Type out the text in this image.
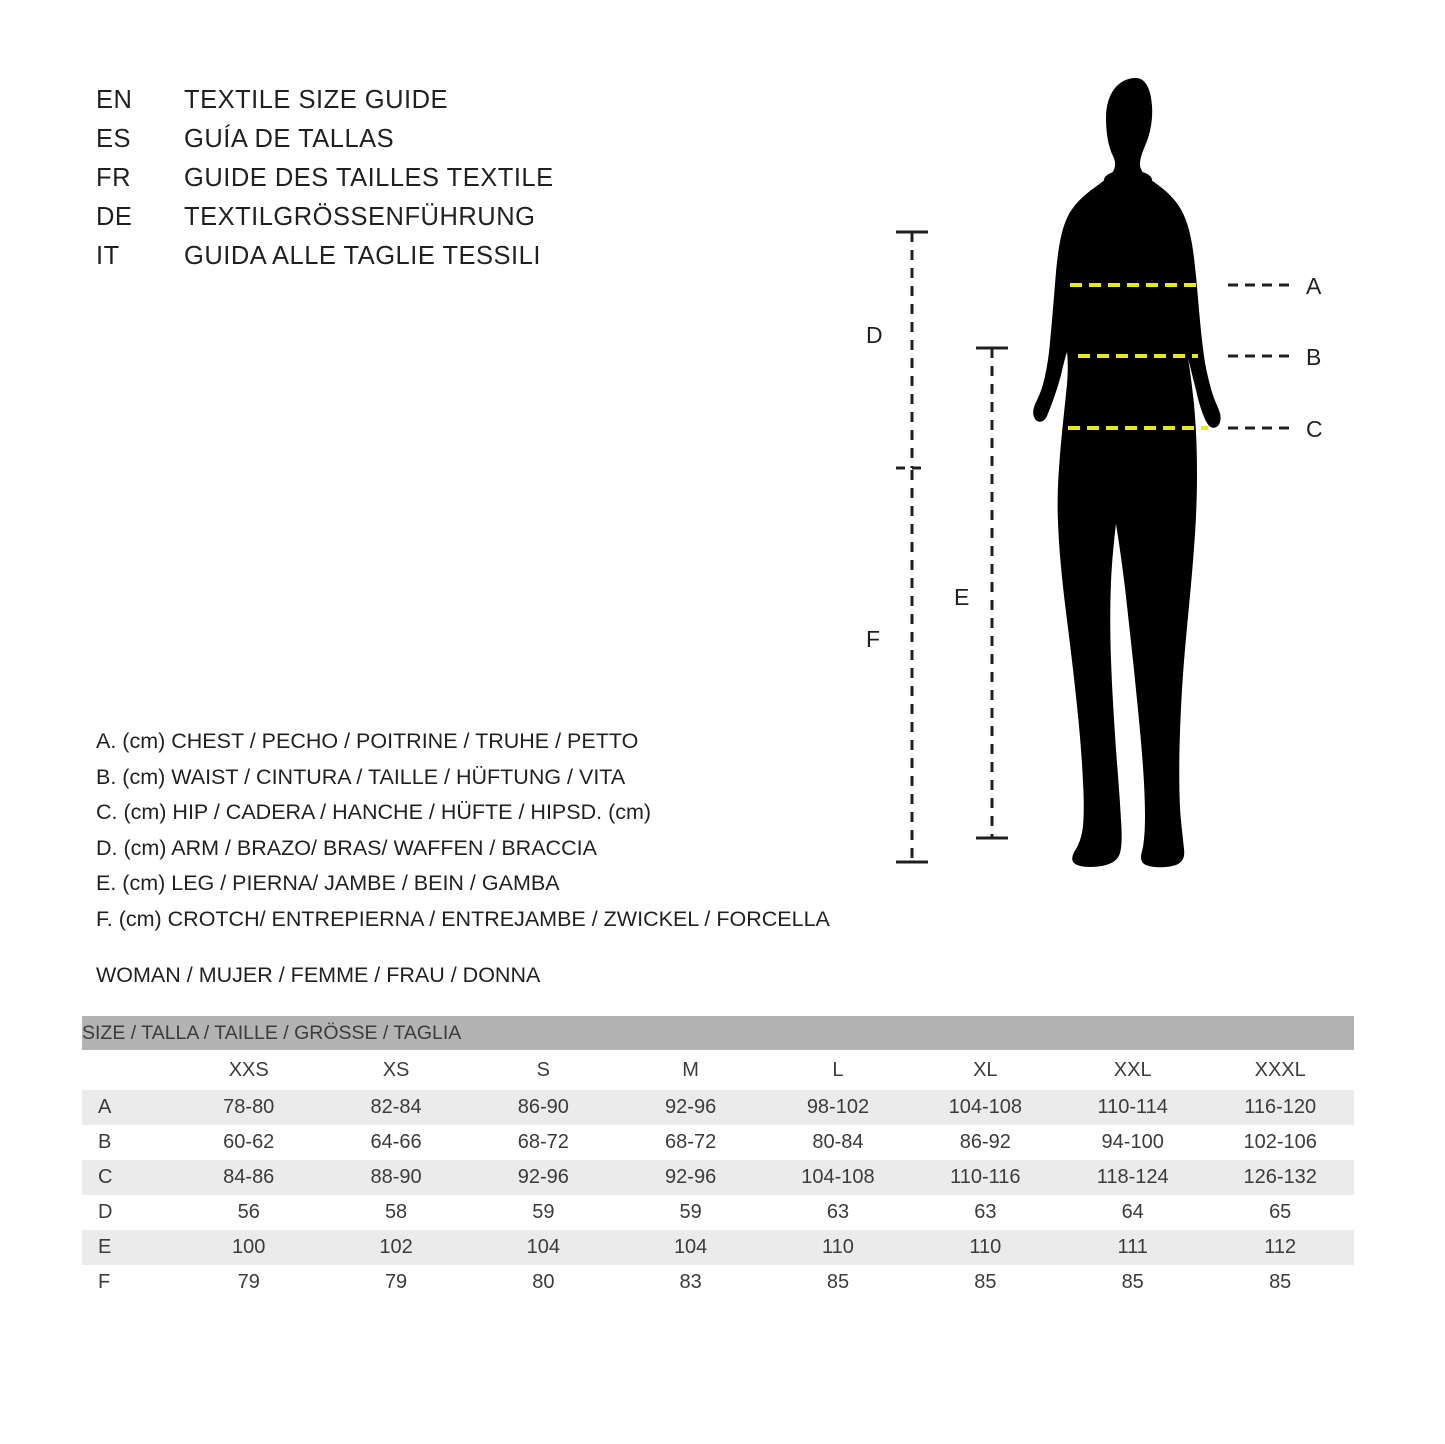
EN	TEXTILE SIZE GUIDE
ES	GUÍA DE TALLAS
FR	GUIDE DES TAILLES TEXTILE
DE	TEXTILGRÖSSENFÜHRUNG
IT	GUIDA ALLE TAGLIE TESSILI
A
B
C
D
E
F
A. (cm) CHEST / PECHO / POITRINE / TRUHE / PETTO
B. (cm) WAIST / CINTURA / TAILLE / HÜFTUNG / VITA
C. (cm) HIP / CADERA / HANCHE / HÜFTE / HIPSD. (cm)
D. (cm) ARM / BRAZO/ BRAS/ WAFFEN / BRACCIA
E. (cm) LEG / PIERNA/ JAMBE / BEIN / GAMBA
F. (cm) CROTCH/ ENTREPIERNA / ENTREJAMBE / ZWICKEL / FORCELLA
WOMAN / MUJER / FEMME / FRAU / DONNA
SIZE / TALLA / TAILLE / GRÖSSE / TAGLIA								
	XXS	XS	S	M	L	XL	XXL	XXXL
A	78-80	82-84	86-90	92-96	98-102	104-108	110-114	116-120
B	60-62	64-66	68-72	68-72	80-84	86-92	94-100	102-106
C	84-86	88-90	92-96	92-96	104-108	110-116	118-124	126-132
D	56	58	59	59	63	63	64	65
E	100	102	104	104	110	110	111	112
F	79	79	80	83	85	85	85	85
